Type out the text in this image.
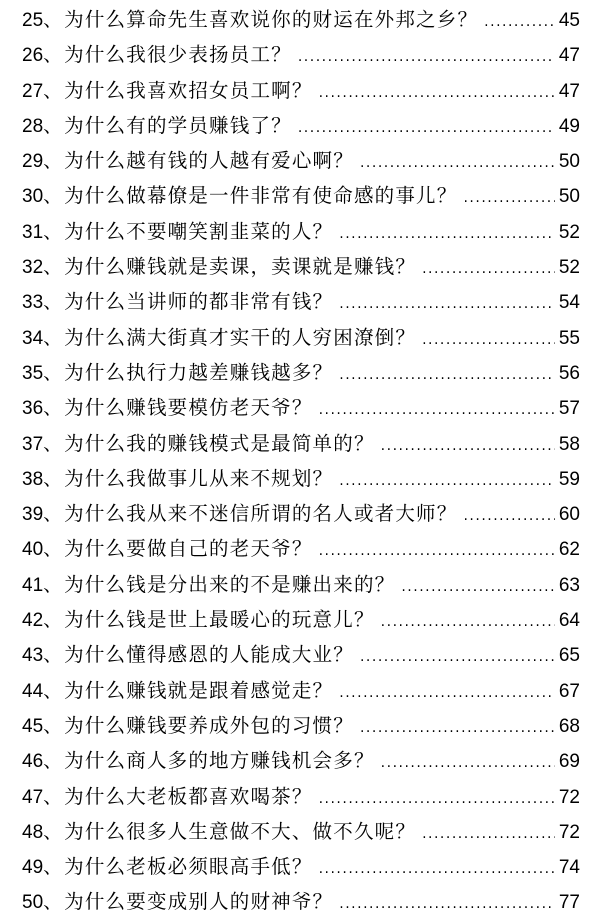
25 、 为什么算命先生喜欢说你的财运在外邦之乡？ .....	45
26 、 为什么我很少表扬员工？ .....	47
27 、 为什么我喜欢招女员工啊？ .....	47
28 、 为什么有的学员赚钱了？ .....	49
29 、 为什么越有钱的人越有爱心啊？ .....	50
30 、 为什么做幕僚是一件非常有使命感的事儿？ .....	50
31 、 为什么不要嘲笑割韭菜的人？ .....	52
32 、 为什么赚钱就是卖课，卖课就是赚钱？ .....	52
33 、 为什么当讲师的都非常有钱？ .....	54
34 、 为什么满大街真才实干的人穷困潦倒？ .....	55
35 、 为什么执行力越差赚钱越多？ .....	56
36 、 为什么赚钱要模仿老天爷？ .....	57
37 、 为什么我的赚钱模式是最简单的？ .....	58
38 、 为什么我做事儿从来不规划？ .....	59
39 、 为什么我从来不迷信所谓的名人或者大师？ .....	60
40 、 为什么要做自己的老天爷？ .....	62
41 、 为什么钱是分出来的不是赚出来的？ .....	63
42 、 为什么钱是世上最暖心的玩意儿？ .....	64
43 、 为什么懂得感恩的人能成大业？ .....	65
44 、 为什么赚钱就是跟着感觉走？ .....	67
45 、 为什么赚钱要养成外包的习惯？ .....	68
46 、 为什么商人多的地方赚钱机会多？ .....	69
47 、 为什么大老板都喜欢喝茶？ .....	72
48 、 为什么很多人生意做不大、做不久呢？ .....	72
49 、 为什么老板必须眼高手低？ .....	74
50 、 为什么要变成别人的财神爷？ .....	77
